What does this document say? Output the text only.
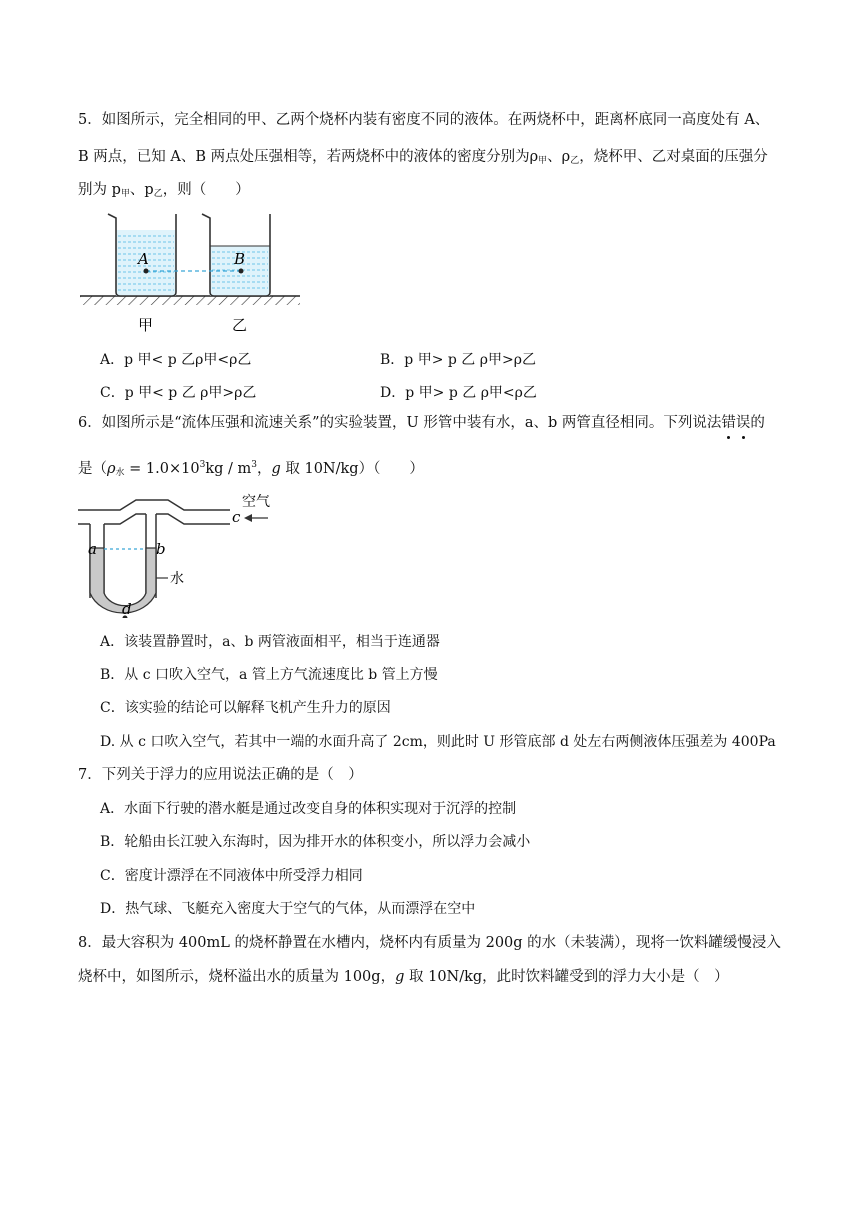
5．如图所示，完全相同的甲、乙两个烧杯内装有密度不同的液体。在两烧杯中，距离杯底同一高度处有 A、
B 两点，已知 A、B 两点处压强相等，若两烧杯中的液体的密度分别为$\rho_甲$、$\rho_乙$，烧杯甲、乙对桌面的压强分
别为 $p_甲$、$p_乙$，则（　　）
A	B
甲	乙
A．p 甲< p 乙ρ甲<ρ乙	B．p 甲> p 乙 ρ甲>ρ乙
C．p 甲< p 乙 ρ甲>ρ乙	D．p 甲> p 乙 ρ甲<ρ乙
6．如图所示是“流体压强和流速关系”的实验装置，U 形管中装有水，a、b 两管直径相同。下列说法错误
的
是（$\rho_水 = 1.0\times 10^3kg / m^3$，g 取 10N/kg）（　　）
水
a	b
d
c
空气
A．该装置静置时，a、b 两管液面相平，相当于连通器
B．从 c 口吹入空气，a 管上方气流速度比 b 管上方慢
C．该实验的结论可以解释飞机产生升力的原因
D. 从 c 口吹入空气，若其中一端的水面升高了 2cm，则此时 U 形管底部 d 处左右两侧液体压强差为 400Pa
7．下列关于浮力的应用说法正确的是（　）
A．水面下行驶的潜水艇是通过改变自身的体积实现对于沉浮的控制
B．轮船由长江驶入东海时，因为排开水的体积变小，所以浮力会减小
C．密度计漂浮在不同液体中所受浮力相同
D．热气球、飞艇充入密度大于空气的气体，从而漂浮在空中
8．最大容积为 400mL 的烧杯静置在水槽内，烧杯内有质量为 200g 的水（未装满），现将一饮料罐缓慢浸入
烧杯中，如图所示，烧杯溢出水的质量为 100g，g 取 10N/kg，此时饮料罐受到的浮力大小是（　）
